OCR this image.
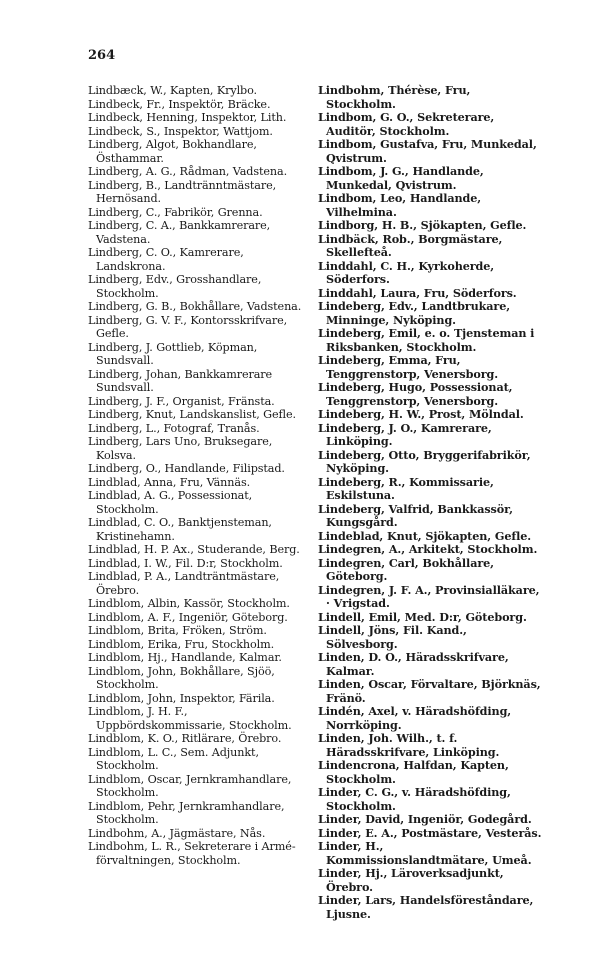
264

Lindbæck, W., Kapten, Krylbo.

Lindbeck, Fr., Inspektör, Bräcke.

Lindbeck, Henning, Inspektor, Lith.

Lindbeck, S., Inspektor, Wattjom.

Lindberg, Algot, Bokhandlare, Östhammar.

Lindberg, A. G., Rådman, Vadstena.

Lindberg, B., Landtränntmästare, Hernösand.

Lindberg, C., Fabrikör, Grenna.

Lindberg, C. A., Bankkamrerare, Vadstena.

Lindberg, C. O., Kamrerare, Landskrona.

Lindberg, Edv., Grosshandlare, Stockholm.

Lindberg, G. B., Bokhållare, Vadstena.

Lindberg, G. V. F., Kontorsskrifvare, Gefle.

Lindberg, J. Gottlieb, Köpman, Sundsvall.

Lindberg, Johan, Bankkamrerare Sundsvall.

Lindberg, J. F., Organist, Fränsta.

Lindberg, Knut, Landskanslist, Gefle.

Lindberg, L., Fotograf, Tranås.

Lindberg, Lars Uno, Bruksegare, Kolsva.

Lindberg, O., Handlande, Filipstad.

Lindblad, Anna, Fru, Vännäs.

Lindblad, A. G., Possessionat, Stockholm.

Lindblad, C. O., Banktjensteman, Kristinehamn.

Lindblad, H. P. Ax., Studerande, Berg.

Lindblad, I. W., Fil. D:r, Stockholm.

Lindblad, P. A., Landträntmästare, Örebro.

Lindblom, Albin, Kassör, Stockholm.

Lindblom, A. F., Ingeniör, Göteborg.

Lindblom, Brita, Fröken, Ström.

Lindblom, Erika, Fru, Stockholm.

Lindblom, Hj., Handlande, Kalmar.

Lindblom, John, Bokhållare, Sjöö, Stockholm.

Lindblom, John, Inspektor, Färila.

Lindblom, J. H. F., Uppbördskommissarie, Stockholm.

Lindblom, K. O., Ritlärare, Örebro.

Lindblom, L. C., Sem. Adjunkt, Stockholm.

Lindblom, Oscar, Jernkramhandlare, Stockholm.

Lindblom, Pehr, Jernkramhandlare, Stockholm.

Lindbohm, A., Jägmästare, Nås.

Lindbohm, L. R., Sekreterare i Armé-förvaltningen, Stockholm.

Lindbohm, Thérèse, Fru, Stockholm.

Lindbom, G. O., Sekreterare, Auditör, Stockholm.

Lindbom, Gustafva, Fru, Munkedal, Qvistrum.

Lindbom, J. G., Handlande, Munkedal, Qvistrum.

Lindbom, Leo, Handlande, Vilhelmina.

Lindborg, H. B., Sjökapten, Gefle.

Lindbäck, Rob., Borgmästare, Skellefteå.

Linddahl, C. H., Kyrkoherde, Söderfors.

Linddahl, Laura, Fru, Söderfors.

Lindeberg, Edv., Landtbrukare, Minninge, Nyköping.

Lindeberg, Emil, e. o. Tjensteman i Riksbanken, Stockholm.

Lindeberg, Emma, Fru, Tenggrenstorp, Venersborg.

Lindeberg, Hugo, Possessionat, Tenggrenstorp, Venersborg.

Lindeberg, H. W., Prost, Mölndal.

Lindeberg, J. O., Kamrerare, Linköping.

Lindeberg, Otto, Bryggerifabrikör, Nyköping.

Lindeberg, R., Kommissarie, Eskilstuna.

Lindeberg, Valfrid, Bankkassör, Kungsgård.

Lindeblad, Knut, Sjökapten, Gefle.

Lindegren, A., Arkitekt, Stockholm.

Lindegren, Carl, Bokhållare, Göteborg.

Lindegren, J. F. A., Provinsialläkare, · Vrigstad.

Lindell, Emil, Med. D:r, Göteborg.

Lindell, Jöns, Fil. Kand., Sölvesborg.

Linden, D. O., Häradsskrifvare, Kalmar.

Linden, Oscar, Förvaltare, Björknäs, Fränö.

Lindén, Axel, v. Häradshöfding, Norrköping.

Linden, Joh. Wilh., t. f. Häradsskrifvare, Linköping.

Lindencrona, Halfdan, Kapten, Stockholm.

Linder, C. G., v. Häradshöfding, Stockholm.

Linder, David, Ingeniör, Godegård.

Linder, E. A., Postmästare, Vesterås.

Linder, H., Kommissionslandtmätare, Umeå.

Linder, Hj., Läroverksadjunkt, Örebro.

Linder, Lars, Handelsföreståndare, Ljusne.
